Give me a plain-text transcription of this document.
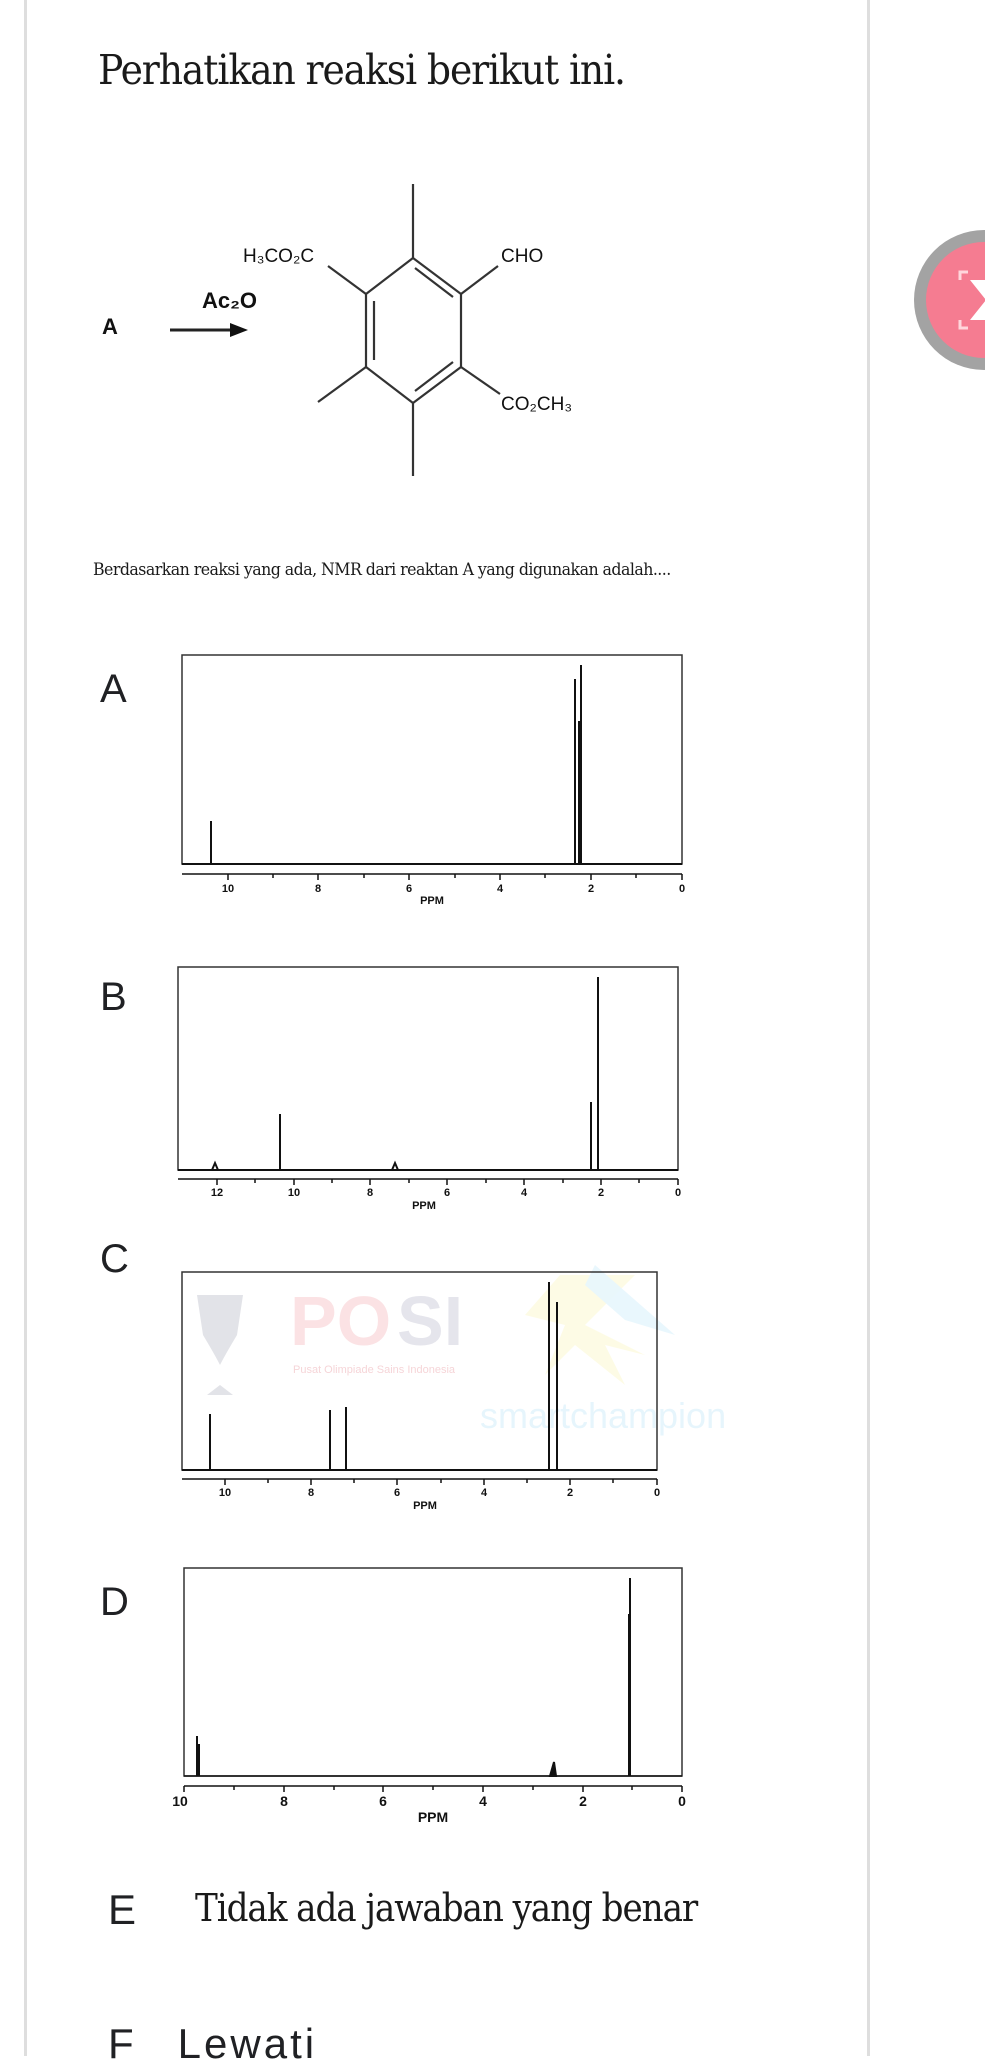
Perhatikan reaksi berikut ini.
A
Ac₂O
H₃CO₂C	CHO
CO₂CH₃
Berdasarkan reaksi yang ada, NMR dari reaktan A yang digunakan adalah....
A
10	8	6	4	2	0
PPM
B
12	10	8	6	4	2	0
PPM
PO SI
Pusat Olimpiade Sains Indonesia
smartchampion
C
10	8	6	4	2	0
PPM
D
10	8	6	4	2	0
PPM
E Tidak ada jawaban yang benar
F Lewati
